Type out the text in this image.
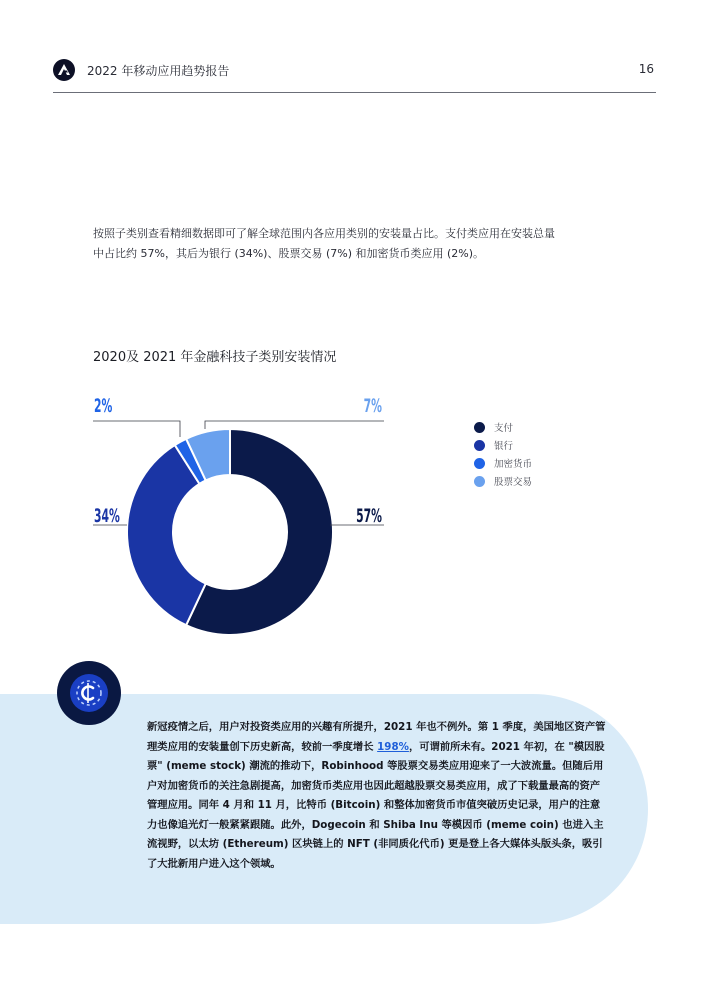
2022 年移动应用趋势报告	16

按照子类别查看精细数据即可了解全球范围内各应用类别的安装量占比。支付类应用在安装总量中占比约 57%，其后为银行 (34%)、股票交易 (7%) 和加密货币类应用 (2%)。

2020及 2021 年金融科技子类别安装情况
57%
34%
2%	7%
支付
银行
加密货币
股票交易

新冠疫情之后，用户对投资类应用的兴趣有所提升，2021 年也不例外。第 1 季度，美国地区资产管理类应用的安装量创下历史新高，较前一季度增长 198%，可谓前所未有。2021 年初，在 "模因股票" (meme stock) 潮流的推动下，Robinhood 等股票交易类应用迎来了一大波流量。但随后用户对加密货币的关注急剧提高，加密货币类应用也因此超越股票交易类应用，成了下载量最高的资产管理应用。同年 4 月和 11 月，比特币 (Bitcoin) 和整体加密货币市值突破历史记录，用户的注意力也像追光灯一般紧紧跟随。此外，Dogecoin 和 Shiba Inu 等模因币 (meme coin) 也进入主流视野，以太坊 (Ethereum) 区块链上的 NFT (非同质化代币) 更是登上各大媒体头版头条，吸引了大批新用户进入这个领域。
